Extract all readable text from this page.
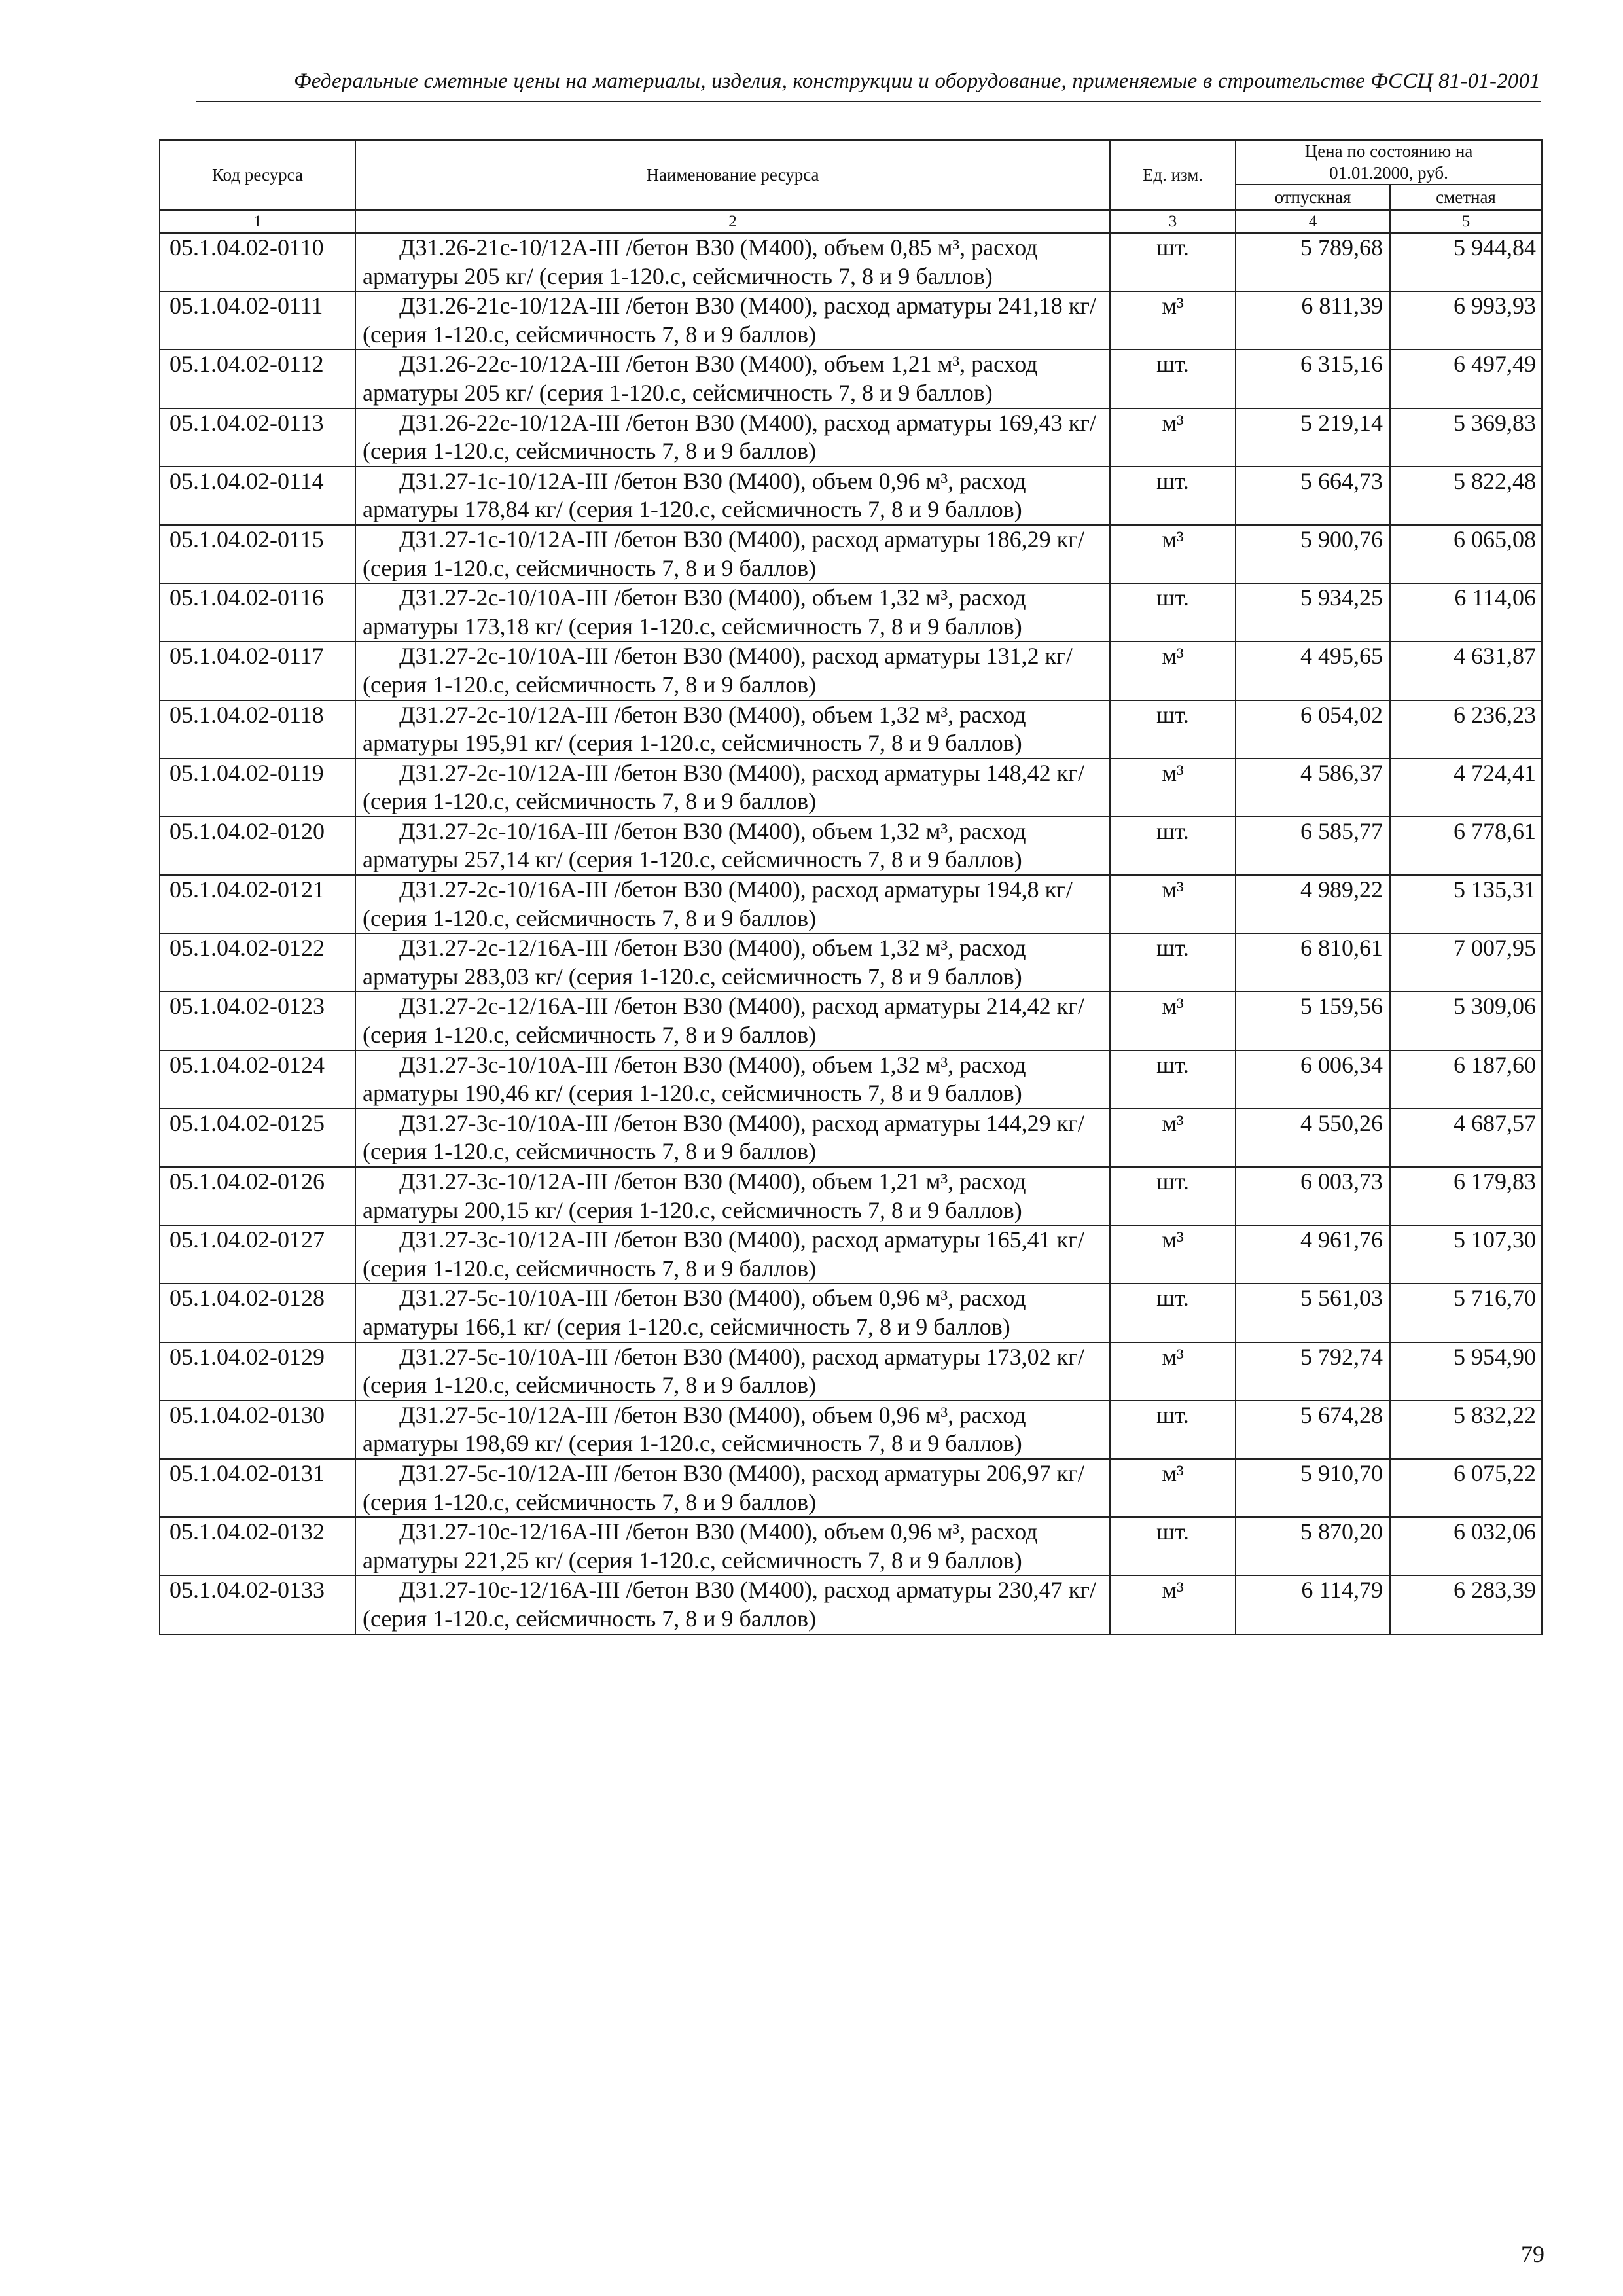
Федеральные сметные цены на материалы, изделия, конструкции и оборудование, применяемые в строительстве ФССЦ 81-01-2001
Код ресурса	Наименование ресурса	Ед. изм.	Цена по состоянию на 01.01.2000, руб.	
			отпускная	сметная
1	2	3	4	5
05.1.04.02-0110	Д31.26-21с-10/12А-III /бетон В30 (М400), объем 0,85 м³, расход арматуры 205 кг/ (серия 1-120.с, сейсмичность 7, 8 и 9 баллов)	шт.	5 789,68	5 944,84
05.1.04.02-0111	Д31.26-21с-10/12А-III /бетон В30 (М400), расход арматуры 241,18 кг/ (серия 1-120.с, сейсмичность 7, 8 и 9 баллов)	м³	6 811,39	6 993,93
05.1.04.02-0112	Д31.26-22с-10/12А-III /бетон В30 (М400), объем 1,21 м³, расход арматуры 205 кг/ (серия 1-120.с, сейсмичность 7, 8 и 9 баллов)	шт.	6 315,16	6 497,49
05.1.04.02-0113	Д31.26-22с-10/12А-III /бетон В30 (М400), расход арматуры 169,43 кг/ (серия 1-120.с, сейсмичность 7, 8 и 9 баллов)	м³	5 219,14	5 369,83
05.1.04.02-0114	Д31.27-1с-10/12А-III /бетон В30 (М400), объем 0,96 м³, расход арматуры 178,84 кг/ (серия 1-120.с, сейсмичность 7, 8 и 9 баллов)	шт.	5 664,73	5 822,48
05.1.04.02-0115	Д31.27-1с-10/12А-III /бетон В30 (М400), расход арматуры 186,29 кг/ (серия 1-120.с, сейсмичность 7, 8 и 9 баллов)	м³	5 900,76	6 065,08
05.1.04.02-0116	Д31.27-2с-10/10А-III /бетон В30 (М400), объем 1,32 м³, расход арматуры 173,18 кг/ (серия 1-120.с, сейсмичность 7, 8 и 9 баллов)	шт.	5 934,25	6 114,06
05.1.04.02-0117	Д31.27-2с-10/10А-III /бетон В30 (М400), расход арматуры 131,2 кг/ (серия 1-120.с, сейсмичность 7, 8 и 9 баллов)	м³	4 495,65	4 631,87
05.1.04.02-0118	Д31.27-2с-10/12А-III /бетон В30 (М400), объем 1,32 м³, расход арматуры 195,91 кг/ (серия 1-120.с, сейсмичность 7, 8 и 9 баллов)	шт.	6 054,02	6 236,23
05.1.04.02-0119	Д31.27-2с-10/12А-III /бетон В30 (М400), расход арматуры 148,42 кг/ (серия 1-120.с, сейсмичность 7, 8 и 9 баллов)	м³	4 586,37	4 724,41
05.1.04.02-0120	Д31.27-2с-10/16А-III /бетон В30 (М400), объем 1,32 м³, расход арматуры 257,14 кг/ (серия 1-120.с, сейсмичность 7, 8 и 9 баллов)	шт.	6 585,77	6 778,61
05.1.04.02-0121	Д31.27-2с-10/16А-III /бетон В30 (М400), расход арматуры 194,8 кг/ (серия 1-120.с, сейсмичность 7, 8 и 9 баллов)	м³	4 989,22	5 135,31
05.1.04.02-0122	Д31.27-2с-12/16А-III /бетон В30 (М400), объем 1,32 м³, расход арматуры 283,03 кг/ (серия 1-120.с, сейсмичность 7, 8 и 9 баллов)	шт.	6 810,61	7 007,95
05.1.04.02-0123	Д31.27-2с-12/16А-III /бетон В30 (М400), расход арматуры 214,42 кг/ (серия 1-120.с, сейсмичность 7, 8 и 9 баллов)	м³	5 159,56	5 309,06
05.1.04.02-0124	Д31.27-3с-10/10А-III /бетон В30 (М400), объем 1,32 м³, расход арматуры 190,46 кг/ (серия 1-120.с, сейсмичность 7, 8 и 9 баллов)	шт.	6 006,34	6 187,60
05.1.04.02-0125	Д31.27-3с-10/10А-III /бетон В30 (М400), расход арматуры 144,29 кг/ (серия 1-120.с, сейсмичность 7, 8 и 9 баллов)	м³	4 550,26	4 687,57
05.1.04.02-0126	Д31.27-3с-10/12А-III /бетон В30 (М400), объем 1,21 м³, расход арматуры 200,15 кг/ (серия 1-120.с, сейсмичность 7, 8 и 9 баллов)	шт.	6 003,73	6 179,83
05.1.04.02-0127	Д31.27-3с-10/12А-III /бетон В30 (М400), расход арматуры 165,41 кг/ (серия 1-120.с, сейсмичность 7, 8 и 9 баллов)	м³	4 961,76	5 107,30
05.1.04.02-0128	Д31.27-5с-10/10А-III /бетон В30 (М400), объем 0,96 м³, расход арматуры 166,1 кг/ (серия 1-120.с, сейсмичность 7, 8 и 9 баллов)	шт.	5 561,03	5 716,70
05.1.04.02-0129	Д31.27-5с-10/10А-III /бетон В30 (М400), расход арматуры 173,02 кг/ (серия 1-120.с, сейсмичность 7, 8 и 9 баллов)	м³	5 792,74	5 954,90
05.1.04.02-0130	Д31.27-5с-10/12А-III /бетон В30 (М400), объем 0,96 м³, расход арматуры 198,69 кг/ (серия 1-120.с, сейсмичность 7, 8 и 9 баллов)	шт.	5 674,28	5 832,22
05.1.04.02-0131	Д31.27-5с-10/12А-III /бетон В30 (М400), расход арматуры 206,97 кг/ (серия 1-120.с, сейсмичность 7, 8 и 9 баллов)	м³	5 910,70	6 075,22
05.1.04.02-0132	Д31.27-10с-12/16А-III /бетон В30 (М400), объем 0,96 м³, расход арматуры 221,25 кг/ (серия 1-120.с, сейсмичность 7, 8 и 9 баллов)	шт.	5 870,20	6 032,06
05.1.04.02-0133	Д31.27-10с-12/16А-III /бетон В30 (М400), расход арматуры 230,47 кг/ (серия 1-120.с, сейсмичность 7, 8 и 9 баллов)	м³	6 114,79	6 283,39
79
